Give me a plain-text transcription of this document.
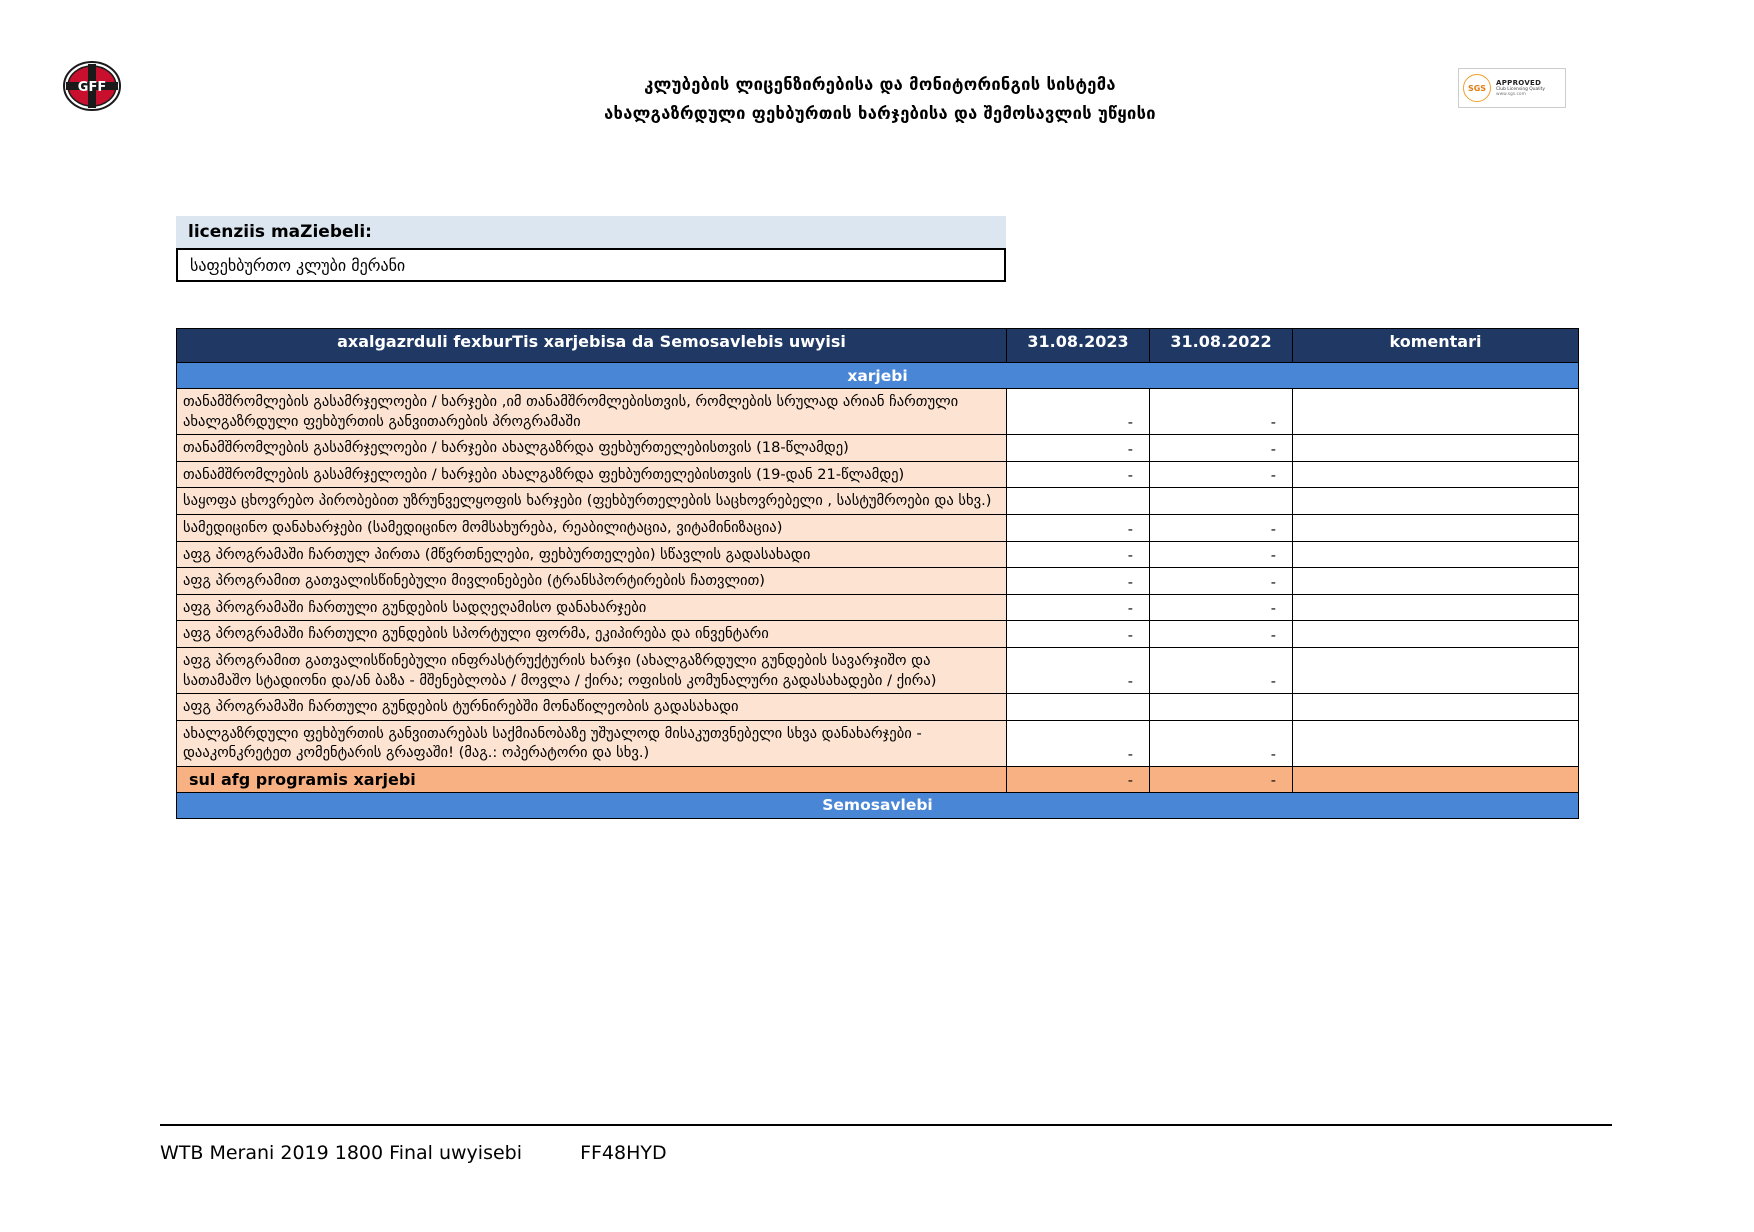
GFF	კლუბების ლიცენზირებისა და მონიტორინგის სისტემა
ახალგაზრდული ფეხბურთის ხარჯებისა და შემოსავლის უწყისი
SGS
APPROVED
Club Licensing Quality
www.sgs.com
licenziis maZiebeli:
საფეხბურთო კლუბი მერანი
axalgazrduli fexburTis xarjebisa da Semosavlebis uwyisi	31.08.2023	31.08.2022	komentari
xarjebi			
თანამშრომლების გასამრჯელოები / ხარჯები ,იმ თანამშრომლებისთვის, რომლების სრულად არიან ჩართული ახალგაზრდული ფეხბურთის განვითარების პროგრამაში	-	-	
თანამშრომლების გასამრჯელოები / ხარჯები ახალგაზრდა ფეხბურთელებისთვის (18-წლამდე)	-	-	
თანამშრომლების გასამრჯელოები / ხარჯები ახალგაზრდა ფეხბურთელებისთვის (19-დან 21-წლამდე)	-	-	
საყოფა ცხოვრებო პირობებით უზრუნველყოფის ხარჯები (ფეხბურთელების საცხოვრებელი , სასტუმროები და სხვ.)			
სამედიცინო დანახარჯები (სამედიცინო მომსახურება, რეაბილიტაცია, ვიტამინიზაცია)	-	-	
აფგ პროგრამაში ჩართულ პირთა (მწვრთნელები, ფეხბურთელები) სწავლის გადასახადი	-	-	
აფგ პროგრამით გათვალისწინებული მივლინებები (ტრანსპორტირების ჩათვლით)	-	-	
აფგ პროგრამაში ჩართული გუნდების სადღეღამისო დანახარჯები	-	-	
აფგ პროგრამაში ჩართული გუნდების სპორტული ფორმა, ეკიპირება და ინვენტარი	-	-	
აფგ პროგრამით გათვალისწინებული ინფრასტრუქტურის ხარჯი (ახალგაზრდული გუნდების სავარჯიშო და სათამაშო სტადიონი და/ან ბაზა - მშენებლობა / მოვლა / ქირა; ოფისის კომუნალური გადასახადები / ქირა)	-	-	
აფგ პროგრამაში ჩართული გუნდების ტურნირებში მონაწილეობის გადასახადი			
ახალგაზრდული ფეხბურთის განვითარებას საქმიანობაზე უშუალოდ მისაკუთვნებელი სხვა დანახარჯები - დააკონკრეტეთ კომენტარის გრაფაში! (მაგ.: ოპერატორი და სხვ.)	-	-	
sul afg programis xarjebi	-	-	
Semosavlebi			
WTB Merani 2019 1800 Final uwyisebi	FF48HYD
